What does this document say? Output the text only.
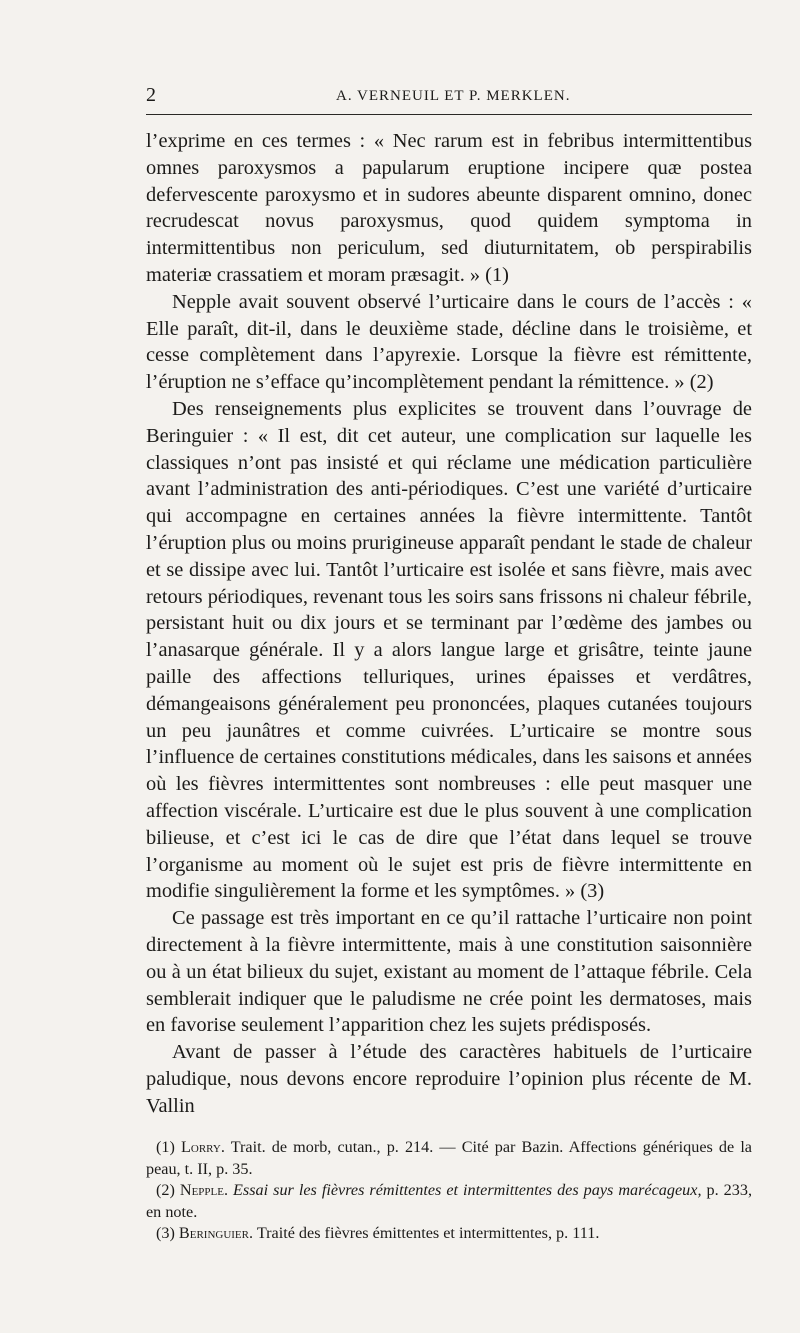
2	A. VERNEUIL ET P. MERKLEN.

l’exprime en ces termes : « Nec rarum est in febribus intermittentibus omnes paroxysmos a papularum eruptione incipere quæ postea defervescente paroxysmo et in sudores abeunte disparent omnino, donec recrudescat novus paroxysmus, quod quidem symptoma in intermittentibus non periculum, sed diuturnitatem, ob perspirabilis materiæ crassatiem et moram præsagit. » (1)

Nepple avait souvent observé l’urticaire dans le cours de l’accès : « Elle paraît, dit-il, dans le deuxième stade, décline dans le troisième, et cesse complètement dans l’apyrexie. Lorsque la fièvre est rémittente, l’éruption ne s’efface qu’incomplètement pendant la rémittence. » (2)

Des renseignements plus explicites se trouvent dans l’ouvrage de Beringuier : « Il est, dit cet auteur, une complication sur laquelle les classiques n’ont pas insisté et qui réclame une médication particulière avant l’administration des anti-périodiques. C’est une variété d’urticaire qui accompagne en certaines années la fièvre intermittente. Tantôt l’éruption plus ou moins prurigineuse apparaît pendant le stade de chaleur et se dissipe avec lui. Tantôt l’urticaire est isolée et sans fièvre, mais avec retours périodiques, revenant tous les soirs sans frissons ni chaleur fébrile, persistant huit ou dix jours et se terminant par l’œdème des jambes ou l’anasarque générale. Il y a alors langue large et grisâtre, teinte jaune paille des affections telluriques, urines épaisses et verdâtres, démangeaisons généralement peu prononcées, plaques cutanées toujours un peu jaunâtres et comme cuivrées. L’urticaire se montre sous l’influence de certaines constitutions médicales, dans les saisons et années où les fièvres intermittentes sont nombreuses : elle peut masquer une affection viscérale. L’urticaire est due le plus souvent à une complication bilieuse, et c’est ici le cas de dire que l’état dans lequel se trouve l’organisme au moment où le sujet est pris de fièvre intermittente en modifie singulièrement la forme et les symptômes. » (3)

Ce passage est très important en ce qu’il rattache l’urticaire non point directement à la fièvre intermittente, mais à une constitution saisonnière ou à un état bilieux du sujet, existant au moment de l’attaque fébrile. Cela semblerait indiquer que le paludisme ne crée point les dermatoses, mais en favorise seulement l’apparition chez les sujets prédisposés.

Avant de passer à l’étude des caractères habituels de l’urticaire paludique, nous devons encore reproduire l’opinion plus récente de M. Vallin

(1) Lorry. Trait. de morb, cutan., p. 214. — Cité par Bazin. Affections génériques de la peau, t. II, p. 35.

(2) Nepple. Essai sur les fièvres rémittentes et intermittentes des pays marécageux, p. 233, en note.

(3) Beringuier. Traité des fièvres émittentes et intermittentes, p. 111.
